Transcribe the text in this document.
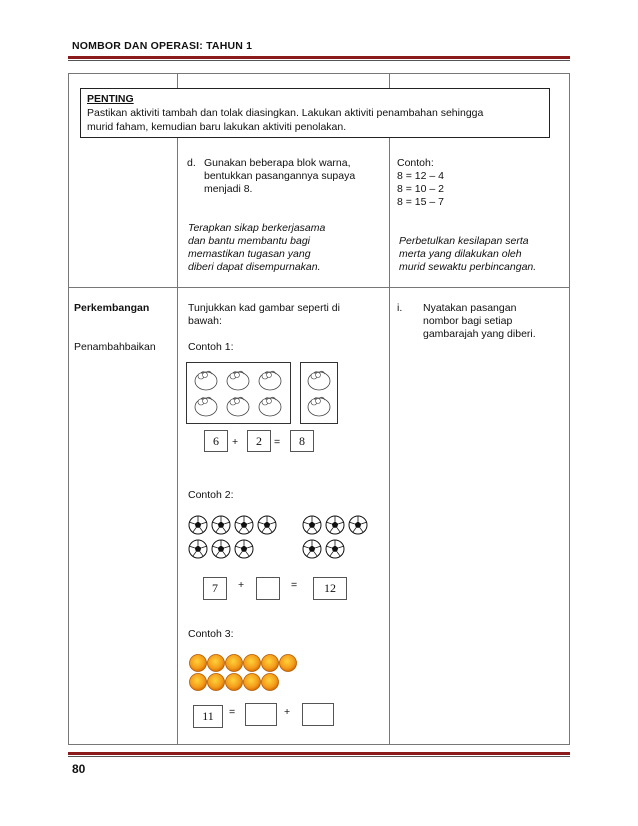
NOMBOR DAN OPERASI: TAHUN 1
PENTING
Pastikan aktiviti tambah dan tolak diasingkan. Lakukan aktiviti penambahan sehingga
murid faham, kemudian baru lakukan aktiviti penolakan.
d. Gunakan beberapa blok warna,
bentukkan pasangannya supaya
menjadi 8.
Terapkan sikap berkerjasama
dan bantu membantu bagi
memastikan tugasan yang
diberi dapat disempurnakan.
Contoh:
8 = 12 – 4
8 = 10 – 2
8 = 15 – 7
Perbetulkan kesilapan serta
merta yang dilakukan oleh
murid sewaktu perbincangan.
Perkembangan
Penambahbaikan
Tunjukkan kad gambar seperti di
bawah:
Contoh 1:
6	+	2	=	8
Contoh 2:
7	+	=	12
Contoh 3:
11	=	+
i. Nyatakan pasangan
nombor bagi setiap
gambarajah yang diberi.
80
